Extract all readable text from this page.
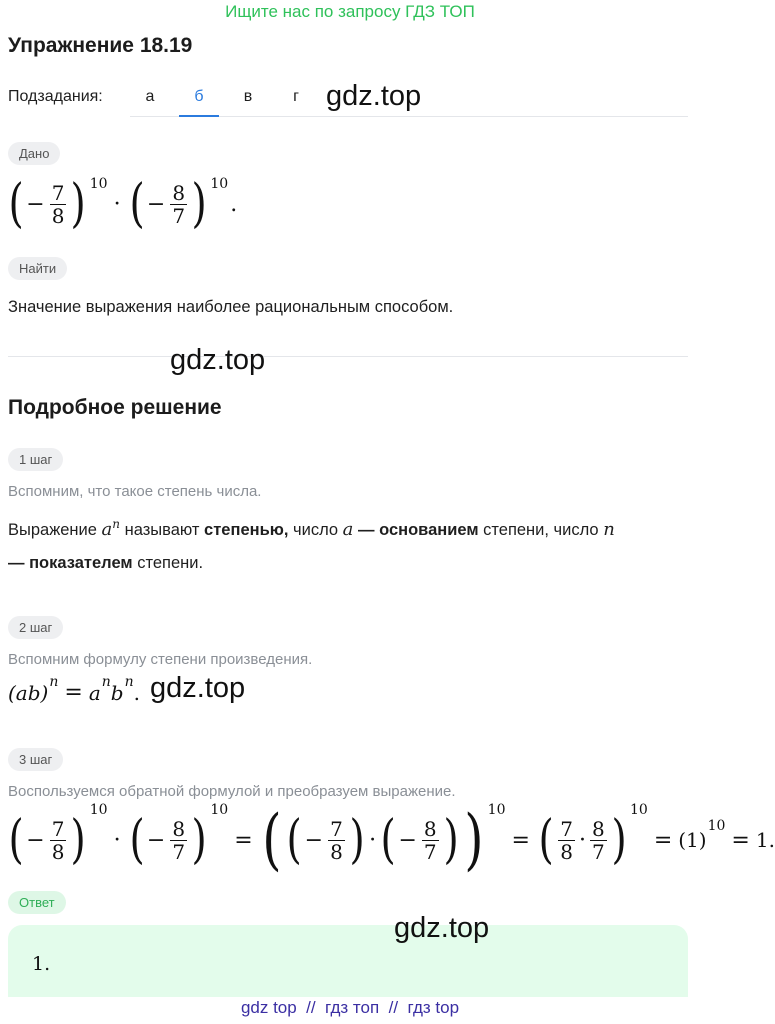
Ищите нас по запросу ГДЗ ТОП
Упражнение 18.19
Подзадания:	а	б	в	г gdz.top
Дано
( − $\frac{7}{8}$ ) 10
· ( − $\frac{8}{7}$ ) 10
.
Найти
Значение выражения наиболее рациональным способом.
gdz.top
Подробное решение
1 шаг
Вспомним, что такое степень числа.
Выражение $a^n$ называют степенью, число a — основанием степени, число n
— показателем степени.
2 шаг
Вспомним формулу степени произведения.
(ab) n = a n b n . gdz.top
3 шаг
Воспользуемся обратной формулой и преобразуем выражение.
( − $\frac{7}{8}$ ) 10
· ( − $\frac{8}{7}$ ) 10
= ( ( − $\frac{7}{8}$ ) · ( − $\frac{8}{7}$ ) ) 10
= ( $\frac{7}{8} \cdot \frac{8}{7}$ ) 10
= (1)
10
= 1.
Ответ
1.
gdz.top
gdz top  //  гдз топ  //  гдз top
